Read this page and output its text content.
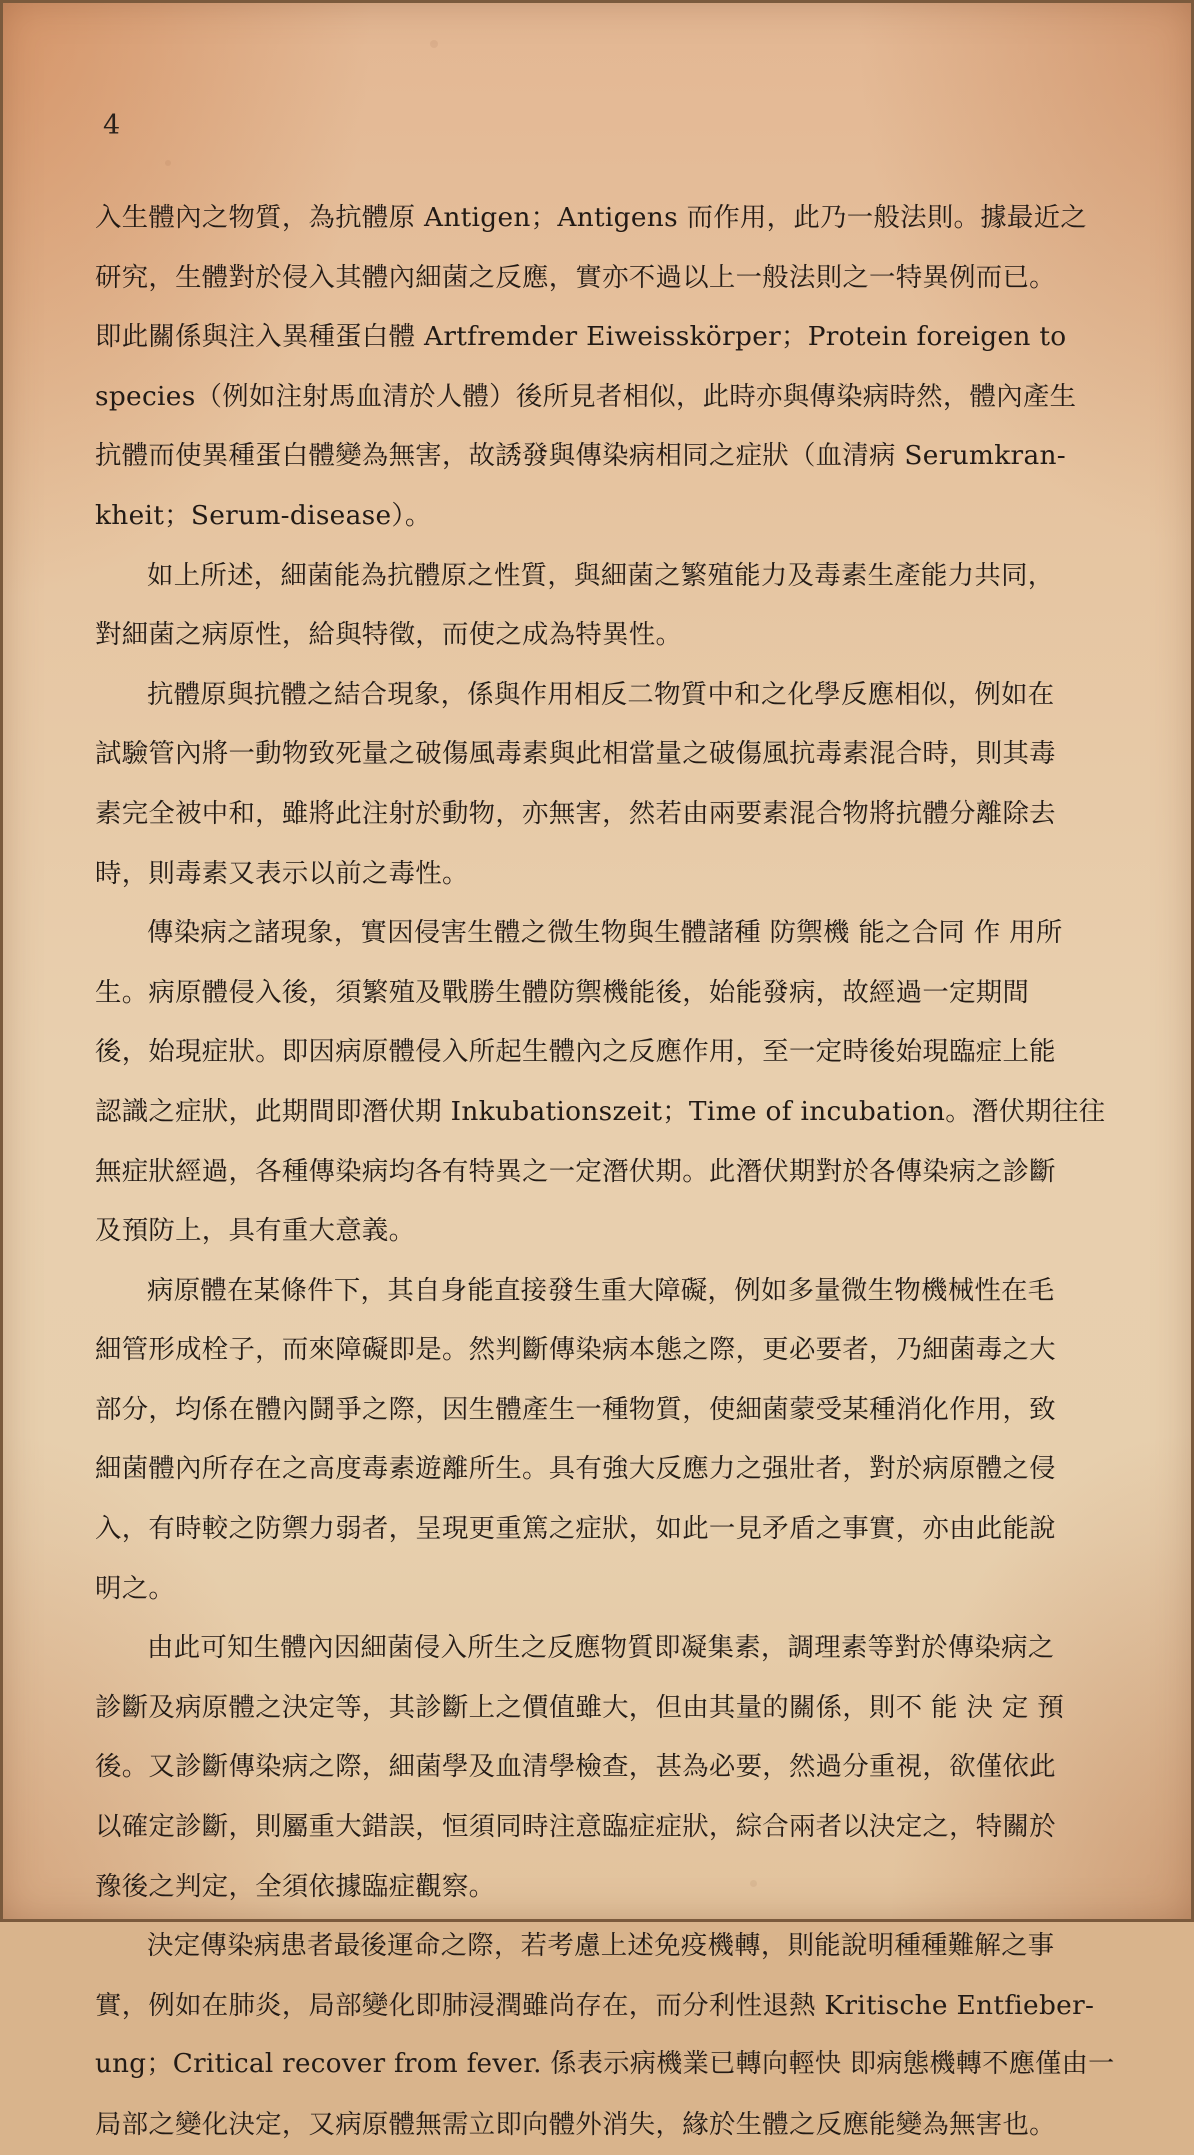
4
入生體內之物質，為抗體原 Antigen；Antigens 而作用，此乃一般法則。據最近之
研究，生體對於侵入其體內細菌之反應，實亦不過以上一般法則之一特異例而已。
即此關係與注入異種蛋白體 Artfremder Eiweisskörper；Protein foreigen to
species（例如注射馬血清於人體）後所見者相似，此時亦與傳染病時然，體內產生
抗體而使異種蛋白體變為無害，故誘發與傳染病相同之症狀（血清病 Serumkran-
kheit；Serum-disease）。
如上所述，細菌能為抗體原之性質，與細菌之繁殖能力及毒素生產能力共同，
對細菌之病原性，給與特徵，而使之成為特異性。
抗體原與抗體之結合現象，係與作用相反二物質中和之化學反應相似，例如在
試驗管內將一動物致死量之破傷風毒素與此相當量之破傷風抗毒素混合時，則其毒
素完全被中和，雖將此注射於動物，亦無害，然若由兩要素混合物將抗體分離除去
時，則毒素又表示以前之毒性。
傳染病之諸現象，實因侵害生體之微生物與生體諸種 防禦機 能之合同 作 用所
生。病原體侵入後，須繁殖及戰勝生體防禦機能後，始能發病，故經過一定期間
後，始現症狀。即因病原體侵入所起生體內之反應作用，至一定時後始現臨症上能
認識之症狀，此期間即潛伏期 Inkubationszeit；Time of incubation。潛伏期往往
無症狀經過，各種傳染病均各有特異之一定潛伏期。此潛伏期對於各傳染病之診斷
及預防上，具有重大意義。
病原體在某條件下，其自身能直接發生重大障礙，例如多量微生物機械性在毛
細管形成栓子，而來障礙即是。然判斷傳染病本態之際，更必要者，乃細菌毒之大
部分，均係在體內鬪爭之際，因生體產生一種物質，使細菌蒙受某種消化作用，致
細菌體內所存在之高度毒素遊離所生。具有強大反應力之强壯者，對於病原體之侵
入，有時較之防禦力弱者，呈現更重篤之症狀，如此一見矛盾之事實，亦由此能說
明之。
由此可知生體內因細菌侵入所生之反應物質即凝集素，調理素等對於傳染病之
診斷及病原體之決定等，其診斷上之價值雖大，但由其量的關係，則不 能 決 定 預
後。又診斷傳染病之際，細菌學及血清學檢查，甚為必要，然過分重視，欲僅依此
以確定診斷，則屬重大錯誤，恒須同時注意臨症症狀，綜合兩者以決定之，特關於
豫後之判定，全須依據臨症觀察。
決定傳染病患者最後運命之際，若考慮上述免疫機轉，則能說明種種難解之事
實，例如在肺炎，局部變化即肺浸潤雖尚存在，而分利性退熱 Kritische Entfieber-
ung；Critical recover from fever. 係表示病機業已轉向輕快 即病態機轉不應僅由一
局部之變化決定，又病原體無需立即向體外消失，緣於生體之反應能變為無害也。
